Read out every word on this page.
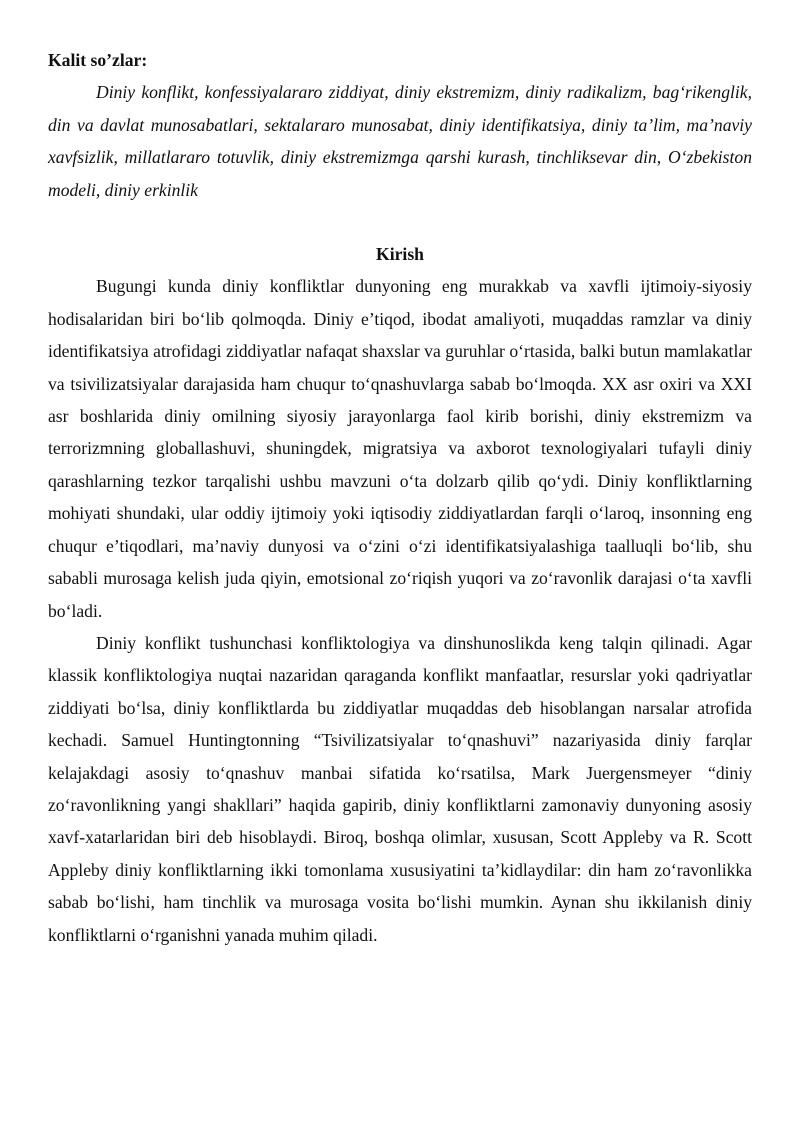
Kalit so’zlar:

Diniy konflikt, konfessiyalararo ziddiyat, diniy ekstremizm, diniy radikalizm, bag‘rikenglik, din va davlat munosabatlari, sektalararo munosabat, diniy identifikatsiya, diniy ta’lim, ma’naviy xavfsizlik, millatlararo totuvlik, diniy ekstremizmga qarshi kurash, tinchliksevar din, O‘zbekiston modeli, diniy erkinlik

Kirish

Bugungi kunda diniy konfliktlar dunyoning eng murakkab va xavfli ijtimoiy-siyosiy hodisalaridan biri bo‘lib qolmoqda. Diniy e’tiqod, ibodat amaliyoti, muqaddas ramzlar va diniy identifikatsiya atrofidagi ziddiyatlar nafaqat shaxslar va guruhlar o‘rtasida, balki butun mamlakatlar va tsivilizatsiyalar darajasida ham chuqur to‘qnashuvlarga sabab bo‘lmoqda. XX asr oxiri va XXI asr boshlarida diniy omilning siyosiy jarayonlarga faol kirib borishi, diniy ekstremizm va terrorizmning globallashuvi, shuningdek, migratsiya va axborot texnologiyalari tufayli diniy qarashlarning tezkor tarqalishi ushbu mavzuni o‘ta dolzarb qilib qo‘ydi. Diniy konfliktlarning mohiyati shundaki, ular oddiy ijtimoiy yoki iqtisodiy ziddiyatlardan farqli o‘laroq, insonning eng chuqur e’tiqodlari, ma’naviy dunyosi va o‘zini o‘zi identifikatsiyalashiga taalluqli bo‘lib, shu sababli murosaga kelish juda qiyin, emotsional zo‘riqish yuqori va zo‘ravonlik darajasi o‘ta xavfli bo‘ladi.

Diniy konflikt tushunchasi konfliktologiya va dinshunoslikda keng talqin qilinadi. Agar klassik konfliktologiya nuqtai nazaridan qaraganda konflikt manfaatlar, resurslar yoki qadriyatlar ziddiyati bo‘lsa, diniy konfliktlarda bu ziddiyatlar muqaddas deb hisoblangan narsalar atrofida kechadi. Samuel Huntingtonning “Tsivilizatsiyalar to‘qnashuvi” nazariyasida diniy farqlar kelajakdagi asosiy to‘qnashuv manbai sifatida ko‘rsatilsa, Mark Juergensmeyer “diniy zo‘ravonlikning yangi shakllari” haqida gapirib, diniy konfliktlarni zamonaviy dunyoning asosiy xavf-xatarlaridan biri deb hisoblaydi. Biroq, boshqa olimlar, xususan, Scott Appleby va R. Scott Appleby diniy konfliktlarning ikki tomonlama xususiyatini ta’kidlaydilar: din ham zo‘ravonlikka sabab bo‘lishi, ham tinchlik va murosaga vosita bo‘lishi mumkin. Aynan shu ikkilanish diniy konfliktlarni o‘rganishni yanada muhim qiladi.
